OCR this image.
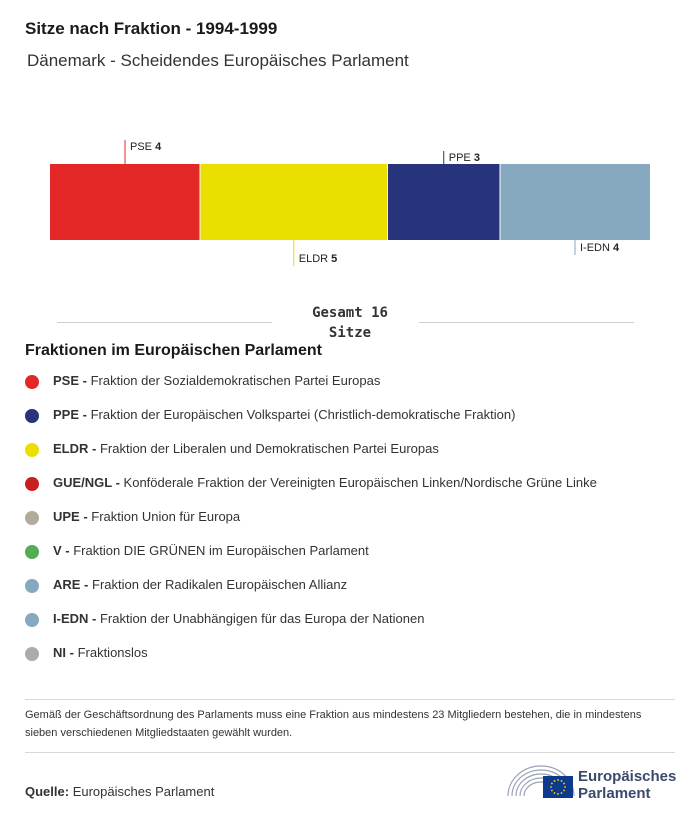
Sitze nach Fraktion - 1994-1999
Dänemark - Scheidendes Europäisches Parlament
PSE 4
ELDR 5
PPE 3
I-EDN 4
Gesamt 16
Sitze
Fraktionen im Europäischen Parlament
PSE - Fraktion der Sozialdemokratischen Partei Europas
PPE - Fraktion der Europäischen Volkspartei (Christlich-demokratische Fraktion)
ELDR - Fraktion der Liberalen und Demokratischen Partei Europas
GUE/NGL - Konföderale Fraktion der Vereinigten Europäischen Linken/Nordische Grüne Linke
UPE - Fraktion Union für Europa
V - Fraktion DIE GRÜNEN im Europäischen Parlament
ARE - Fraktion der Radikalen Europäischen Allianz
I-EDN - Fraktion der Unabhängigen für das Europa der Nationen
NI - Fraktionslos
Gemäß der Geschäftsordnung des Parlaments muss eine Fraktion aus mindestens 23 Mitgliedern bestehen, die in mindestens sieben verschiedenen Mitgliedstaaten gewählt wurden.
Quelle: Europäisches Parlament
Europäisches
Parlament
